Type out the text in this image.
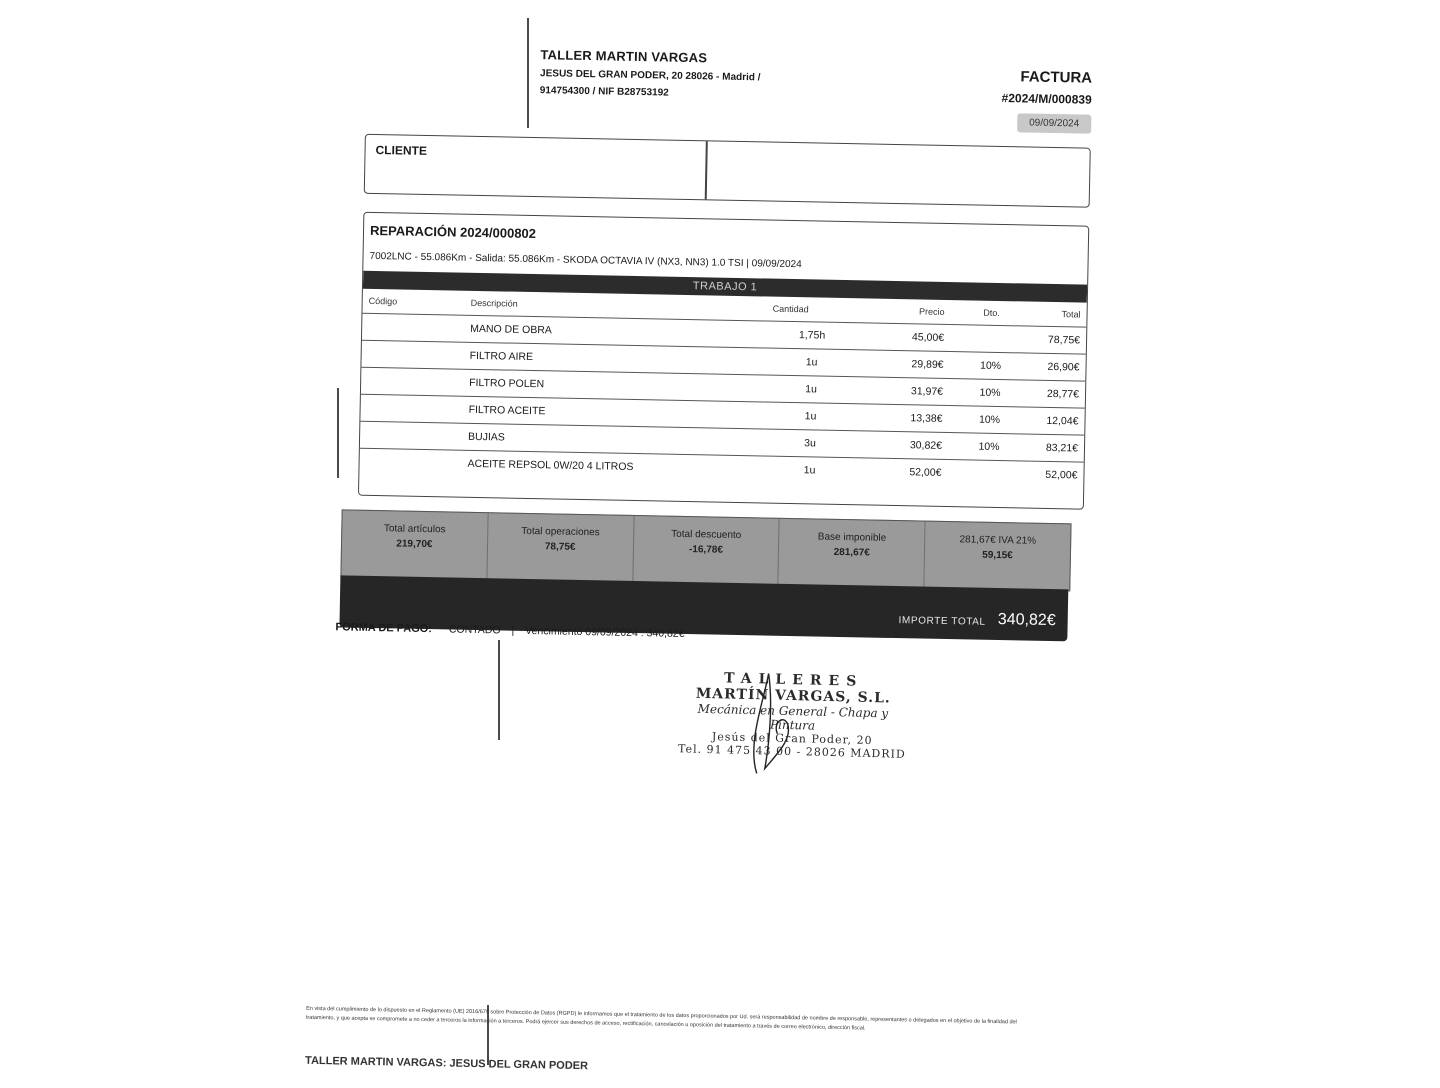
TALLER MARTIN VARGAS
JESUS DEL GRAN PODER, 20 28026 - Madrid /
914754300 / NIF B28753192
FACTURA
#2024/M/000839
09/09/2024
CLIENTE
REPARACIÓN 2024/000802
7002LNC - 55.086Km - Salida: 55.086Km - SKODA OCTAVIA IV (NX3, NN3) 1.0 TSI | 09/09/2024
TRABAJO 1
Código	Descripción	Cantidad	Precio	Dto.	Total
	MANO DE OBRA	1,75h	45,00€		78,75€
	FILTRO AIRE	1u	29,89€	10%	26,90€
	FILTRO POLEN	1u	31,97€	10%	28,77€
	FILTRO ACEITE	1u	13,38€	10%	12,04€
	BUJIAS	3u	30,82€	10%	83,21€
	ACEITE REPSOL 0W/20 4 LITROS	1u	52,00€		52,00€
Total artículos
219,70€
Total operaciones
78,75€
Total descuento
-16,78€
Base imponible
281,67€
281,67€ IVA 21%
59,15€
IMPORTE TOTAL 340,82€
FORMA DE PAGO: CONTADO | Vencimiento 09/09/2024 : 340,82€
TALLERES
MARTÍN VARGAS, S.L.
Mecánica en General - Chapa y Pintura
Jesús del Gran Poder, 20
Tel. 91 475 43 00 - 28026 MADRID
En vista del cumplimiento de lo dispuesto en el Reglamento (UE) 2016/679 sobre Protección de Datos (RGPD) le informamos que el tratamiento de los datos proporcionados por Ud. será responsabilidad de nombre de responsable, representantes o delegados en el objetivo de la finalidad del tratamiento, y que acepta se compromete a no ceder a terceros la información a terceros. Podrá ejercer sus derechos de acceso, rectificación, cancelación u oposición del tratamiento a través de correo electrónico, dirección fiscal.
TALLER MARTIN VARGAS: JESUS DEL GRAN PODER
